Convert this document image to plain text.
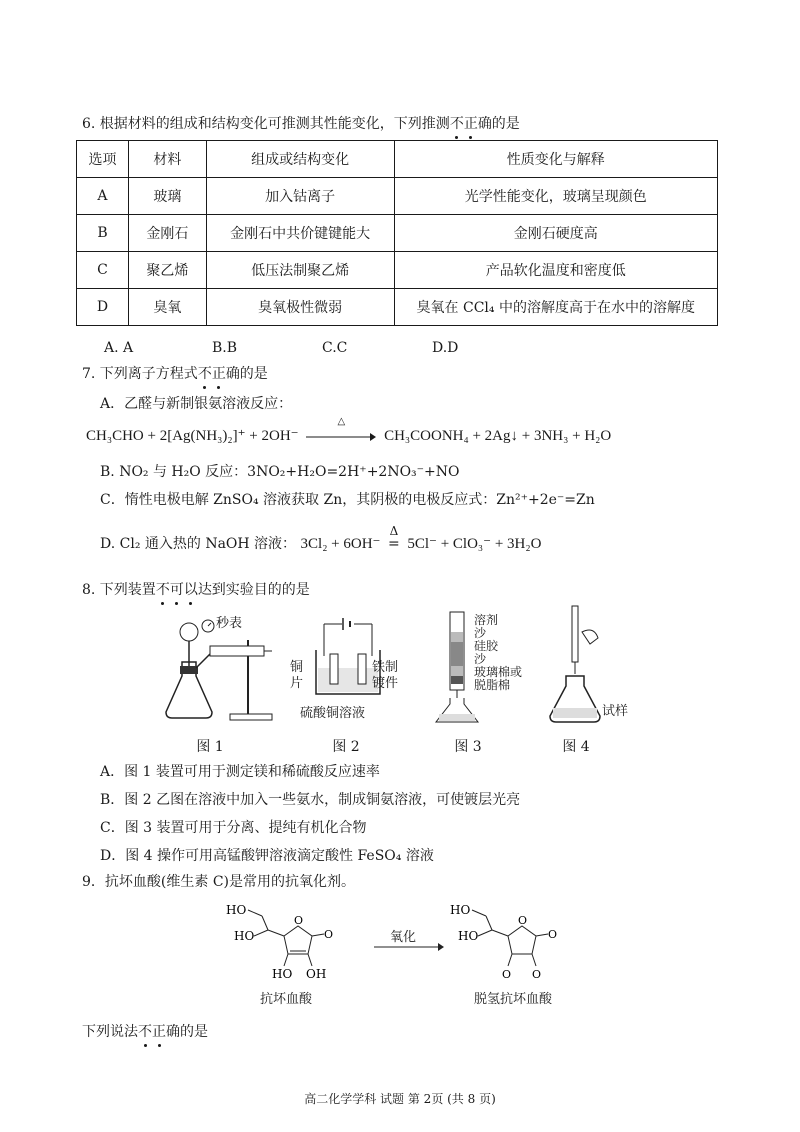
6. 根据材料的组成和结构变化可推测其性能变化，下列推测不正确的是
选项	材料	组成或结构变化	性质变化与解释
A	玻璃	加入钴离子	光学性能变化，玻璃呈现颜色
B	金刚石	金刚石中共价键键能大	金刚石硬度高
C	聚乙烯	低压法制聚乙烯	产品软化温度和密度低
D	臭氧	臭氧极性微弱	臭氧在 CCl₄ 中的溶解度高于在水中的溶解度
A. A	B.B	C.C	D.D
7. 下列离子方程式不正确的是
A．乙醛与新制银氨溶液反应：
CH₃CHO + 2[Ag(NH₃)₂]⁺ + 2OH⁻
△
CH₃COONH₄ + 2Ag↓ + 3NH₃ + H₂O
B. NO₂ 与 H₂O 反应：3NO₂+H₂O=2H⁺+2NO₃⁻+NO
C．惰性电极电解 ZnSO₄ 溶液获取 Zn，其阴极的电极反应式：Zn²⁺+2e⁻=Zn
D. Cl₂ 通入热的 NaOH 溶液： 3Cl₂ + 6OH⁻
Δ
= 5Cl⁻ + ClO₃⁻ + 3H₂O
8. 下列装置不可以达到实验目的的是
秒表
铜片
铁制镀件
硫酸铜溶液
溶剂
沙
硅胶
沙
玻璃棉或
脱脂棉
试样
图 1	图 2	图 3	图 4
A．图 1 装置可用于测定镁和稀硫酸反应速率
B．图 2 乙图在溶液中加入一些氨水，制成铜氨溶液，可使镀层光亮
C．图 3 装置可用于分离、提纯有机化合物
D．图 4 操作可用高锰酸钾溶液滴定酸性 FeSO₄ 溶液
9．抗坏血酸(维生素 C)是常用的抗氧化剂。
HO
HO
O
O
HO OH
抗坏血酸
氧化
HO
HO
O
O
O O
脱氢抗坏血酸
下列说法不正确的是
高二化学学科 试题 第 2页 (共 8 页)
